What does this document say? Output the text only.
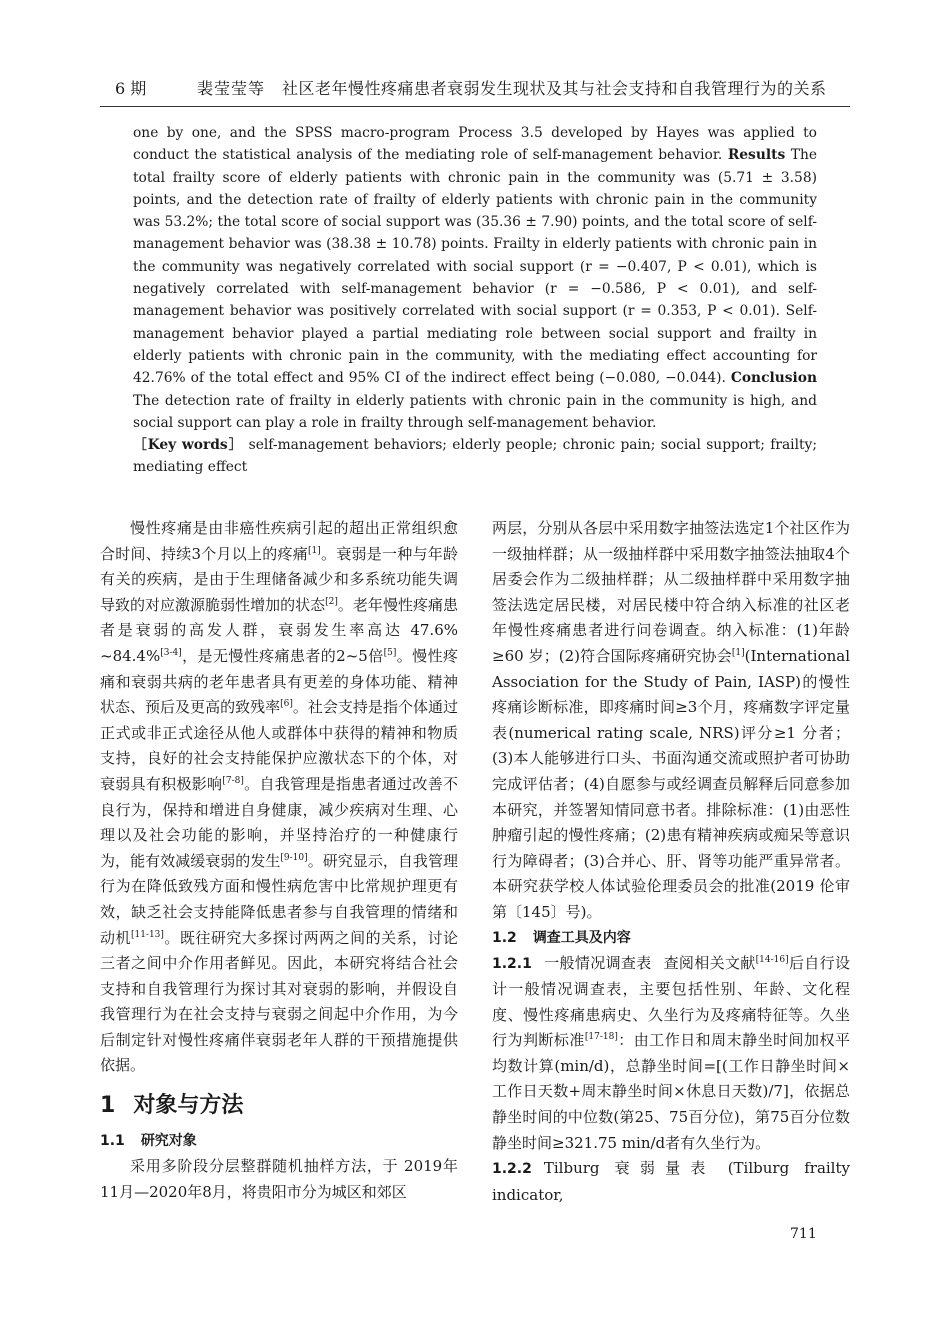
6 期	裴莹莹等 社区老年慢性疼痛患者衰弱发生现状及其与社会支持和自我管理行为的关系

one by one, and the SPSS macro-program Process 3.5 developed by Hayes was applied to conduct the statistical analysis of the mediating role of self-management behavior. Results The total frailty score of elderly patients with chronic pain in the community was (5.71 ± 3.58) points, and the detection rate of frailty of elderly patients with chronic pain in the community was 53.2%; the total score of social support was (35.36 ± 7.90) points, and the total score of self-management behavior was (38.38 ± 10.78) points. Frailty in elderly patients with chronic pain in the community was negatively correlated with social support (r = −0.407, P < 0.01), which is negatively correlated with self-management behavior (r = −0.586, P < 0.01), and self-management behavior was positively correlated with social support (r = 0.353, P < 0.01). Self-management behavior played a partial mediating role between social support and frailty in elderly patients with chronic pain in the community, with the mediating effect accounting for 42.76% of the total effect and 95% CI of the indirect effect being (−0.080, −0.044). Conclusion The detection rate of frailty in elderly patients with chronic pain in the community is high, and social support can play a role in frailty through self-management behavior.

［Key words］ self-management behaviors; elderly people; chronic pain; social support; frailty; mediating effect

慢性疼痛是由非癌性疾病引起的超出正常组织愈合时间、持续3个月以上的疼痛[1]。衰弱是一种与年龄有关的疾病，是由于生理储备减少和多系统功能失调导致的对应激源脆弱性增加的状态[2]。老年慢性疼痛患者是衰弱的高发人群，衰弱发生率高达 47.6% ~84.4%[3-4]，是无慢性疼痛患者的2~5倍[5]。慢性疼痛和衰弱共病的老年患者具有更差的身体功能、精神状态、预后及更高的致残率[6]。社会支持是指个体通过正式或非正式途径从他人或群体中获得的精神和物质支持，良好的社会支持能保护应激状态下的个体，对衰弱具有积极影响[7-8]。自我管理是指患者通过改善不良行为，保持和增进自身健康，减少疾病对生理、心理以及社会功能的影响，并坚持治疗的一种健康行为，能有效减缓衰弱的发生[9-10]。研究显示，自我管理行为在降低致残方面和慢性病危害中比常规护理更有效，缺乏社会支持能降低患者参与自我管理的情绪和动机[11-13]。既往研究大多探讨两两之间的关系，讨论三者之间中介作用者鲜见。因此，本研究将结合社会支持和自我管理行为探讨其对衰弱的影响，并假设自我管理行为在社会支持与衰弱之间起中介作用，为今后制定针对慢性疼痛伴衰弱老年人群的干预措施提供依据。

1 对象与方法
1.1 研究对象

采用多阶段分层整群随机抽样方法，于 2019年11月—2020年8月，将贵阳市分为城区和郊区

两层，分别从各层中采用数字抽签法选定1个社区作为一级抽样群；从一级抽样群中采用数字抽签法抽取4个居委会作为二级抽样群；从二级抽样群中采用数字抽签法选定居民楼，对居民楼中符合纳入标准的社区老年慢性疼痛患者进行问卷调查。纳入标准：(1)年龄≥60 岁；(2)符合国际疼痛研究协会[1](International Association for the Study of Pain, IASP)的慢性疼痛诊断标准，即疼痛时间≥3个月，疼痛数字评定量表(numerical rating scale, NRS)评分≥1 分者；(3)本人能够进行口头、书面沟通交流或照护者可协助完成评估者；(4)自愿参与或经调查员解释后同意参加本研究，并签署知情同意书者。排除标准：(1)由恶性肿瘤引起的慢性疼痛；(2)患有精神疾病或痴呆等意识行为障碍者；(3)合并心、肝、肾等功能严重异常者。本研究获学校人体试验伦理委员会的批准(2019 伦审第〔145〕号)。

1.2 调查工具及内容

1.2.1 一般情况调查表 查阅相关文献[14-16]后自行设计一般情况调查表，主要包括性别、年龄、文化程度、慢性疼痛患病史、久坐行为及疼痛特征等。久坐行为判断标准[17-18]：由工作日和周末静坐时间加权平均数计算(min/d)，总静坐时间=[(工作日静坐时间×工作日天数+周末静坐时间×休息日天数)/7]，依据总静坐时间的中位数(第25、75百分位)，第75百分位数静坐时间≥321.75 min/d者有久坐行为。

1.2.2 Tilburg 衰弱量表 (Tilburg frailty indicator,

711
